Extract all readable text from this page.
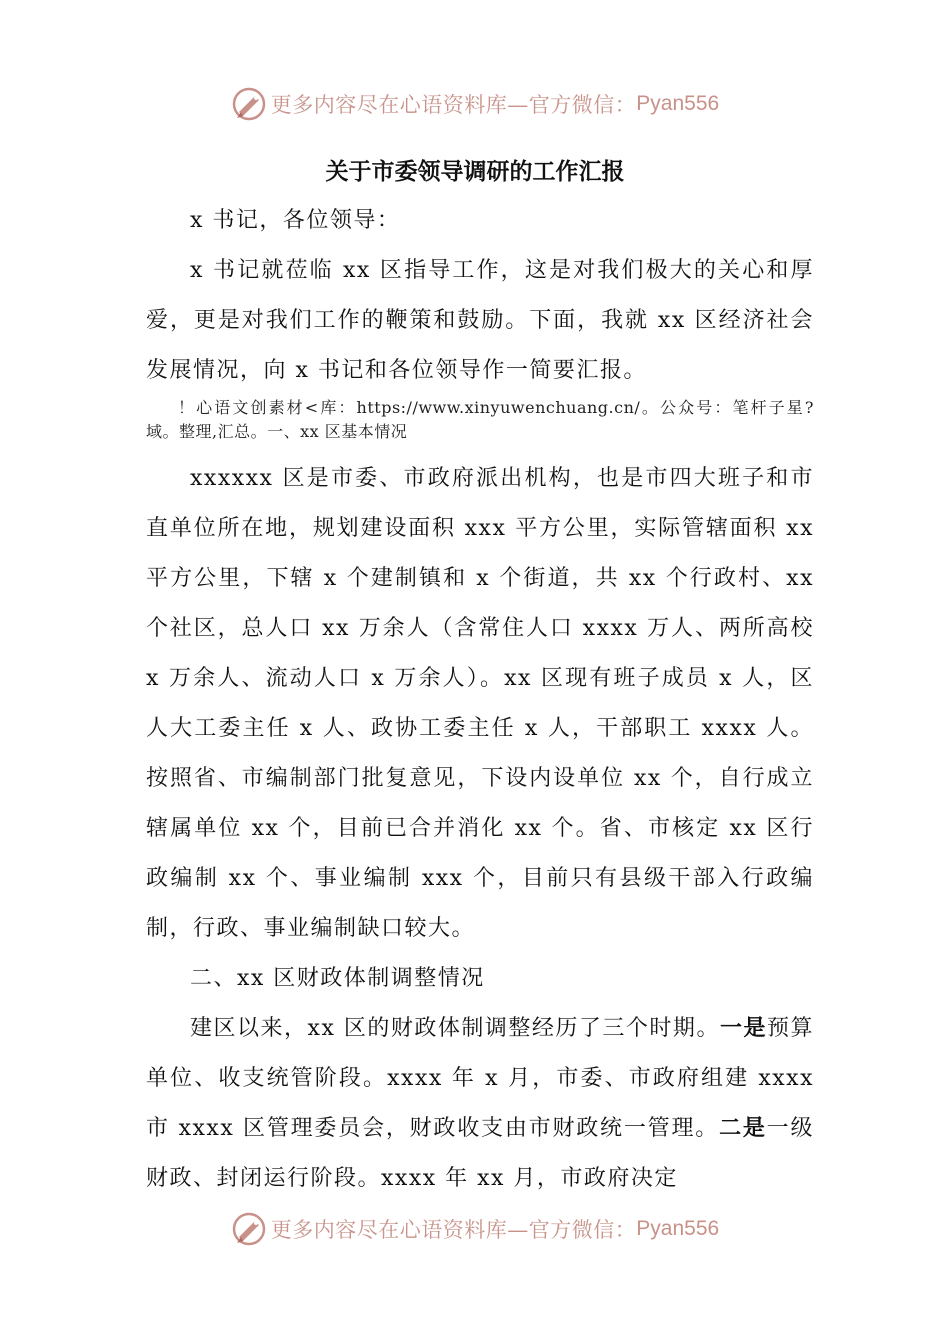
更多内容尽在心语资料库—官方微信： Pyan556
关于市委领导调研的工作汇报

x 书记，各位领导：

x 书记就莅临 xx 区指导工作，这是对我们极大的关心和厚爱，更是对我们工作的鞭策和鼓励。下面，我就 xx 区经济社会发展情况，向 x 书记和各位领导作一简要汇报。

！心语文创素材<库：https://www.xinyuwenchuang.cn/。公众号：笔杆子星?域。整理,汇总。一、xx 区基本情况

xxxxxx 区是市委、市政府派出机构，也是市四大班子和市直单位所在地，规划建设面积 xxx 平方公里，实际管辖面积 xx 平方公里，下辖 x 个建制镇和 x 个街道，共 xx 个行政村、xx 个社区，总人口 xx 万余人（含常住人口 xxxx 万人、两所高校 x 万余人、流动人口 x 万余人）。xx 区现有班子成员 x 人，区人大工委主任 x 人、政协工委主任 x 人，干部职工 xxxx 人。按照省、市编制部门批复意见，下设内设单位 xx 个，自行成立辖属单位 xx 个，目前已合并消化 xx 个。省、市核定 xx 区行政编制 xx 个、事业编制 xxx 个，目前只有县级干部入行政编制，行政、事业编制缺口较大。

二、xx 区财政体制调整情况

建区以来，xx 区的财政体制调整经历了三个时期。一是预算单位、收支统管阶段。xxxx 年 x 月，市委、市政府组建 xxxx 市 xxxx 区管理委员会，财政收支由市财政统一管理。二是一级财政、封闭运行阶段。xxxx 年 xx 月，市政府决定

更多内容尽在心语资料库—官方微信： Pyan556
